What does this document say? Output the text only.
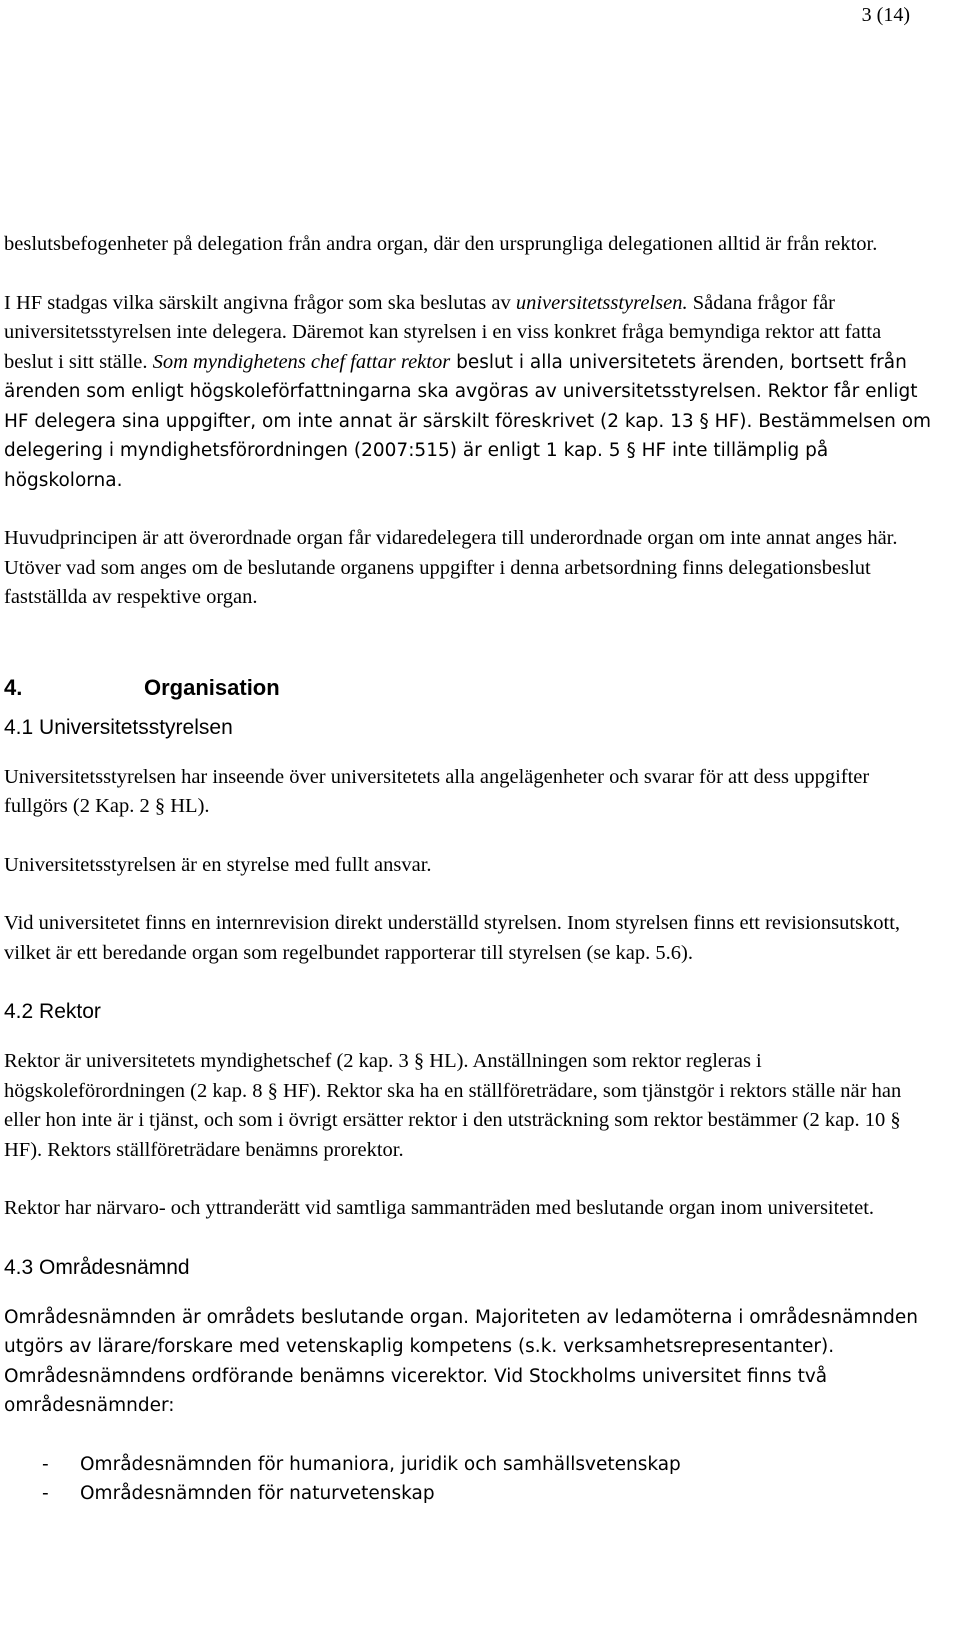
3 (14)

beslutsbefogenheter på delegation från andra organ, där den ursprungliga delegationen alltid är från rektor.

I HF stadgas vilka särskilt angivna frågor som ska beslutas av universitetsstyrelsen. Sådana frågor får universitetsstyrelsen inte delegera. Däremot kan styrelsen i en viss konkret fråga bemyndiga rektor att fatta beslut i sitt ställe. Som myndighetens chef fattar rektor beslut i alla universitetets ärenden, bortsett från ärenden som enligt högskoleförfattningarna ska avgöras av universitetsstyrelsen. Rektor får enligt HF delegera sina uppgifter, om inte annat är särskilt föreskrivet (2 kap. 13 § HF). Bestämmelsen om delegering i myndighetsförordningen (2007:515) är enligt 1 kap. 5 § HF inte tillämplig på högskolorna.

Huvudprincipen är att överordnade organ får vidaredelegera till underordnade organ om inte annat anges här. Utöver vad som anges om de beslutande organens uppgifter i denna arbetsordning finns delegationsbeslut fastställda av respektive organ.

4.	Organisation
4.1 Universitetsstyrelsen

Universitetsstyrelsen har inseende över universitetets alla angelägenheter och svarar för att dess uppgifter fullgörs (2 Kap. 2 § HL).

Universitetsstyrelsen är en styrelse med fullt ansvar.

Vid universitetet finns en internrevision direkt underställd styrelsen. Inom styrelsen finns ett revisionsutskott, vilket är ett beredande organ som regelbundet rapporterar till styrelsen (se kap. 5.6).

4.2 Rektor

Rektor är universitetets myndighetschef (2 kap. 3 § HL). Anställningen som rektor regleras i högskoleförordningen (2 kap. 8 § HF). Rektor ska ha en ställföreträdare, som tjänstgör i rektors ställe när han eller hon inte är i tjänst, och som i övrigt ersätter rektor i den utsträckning som rektor bestämmer (2 kap. 10 § HF). Rektors ställföreträdare benämns prorektor.

Rektor har närvaro- och yttranderätt vid samtliga sammanträden med beslutande organ inom universitetet.

4.3 Områdesnämnd

Områdesnämnden är områdets beslutande organ. Majoriteten av ledamöterna i områdesnämnden utgörs av lärare/forskare med vetenskaplig kompetens (s.k. verksamhetsrepresentanter). Områdesnämndens ordförande benämns vicerektor. Vid Stockholms universitet finns två områdesnämnder:

- Områdesnämnden för humaniora, juridik och samhällsvetenskap
- Områdesnämnden för naturvetenskap
